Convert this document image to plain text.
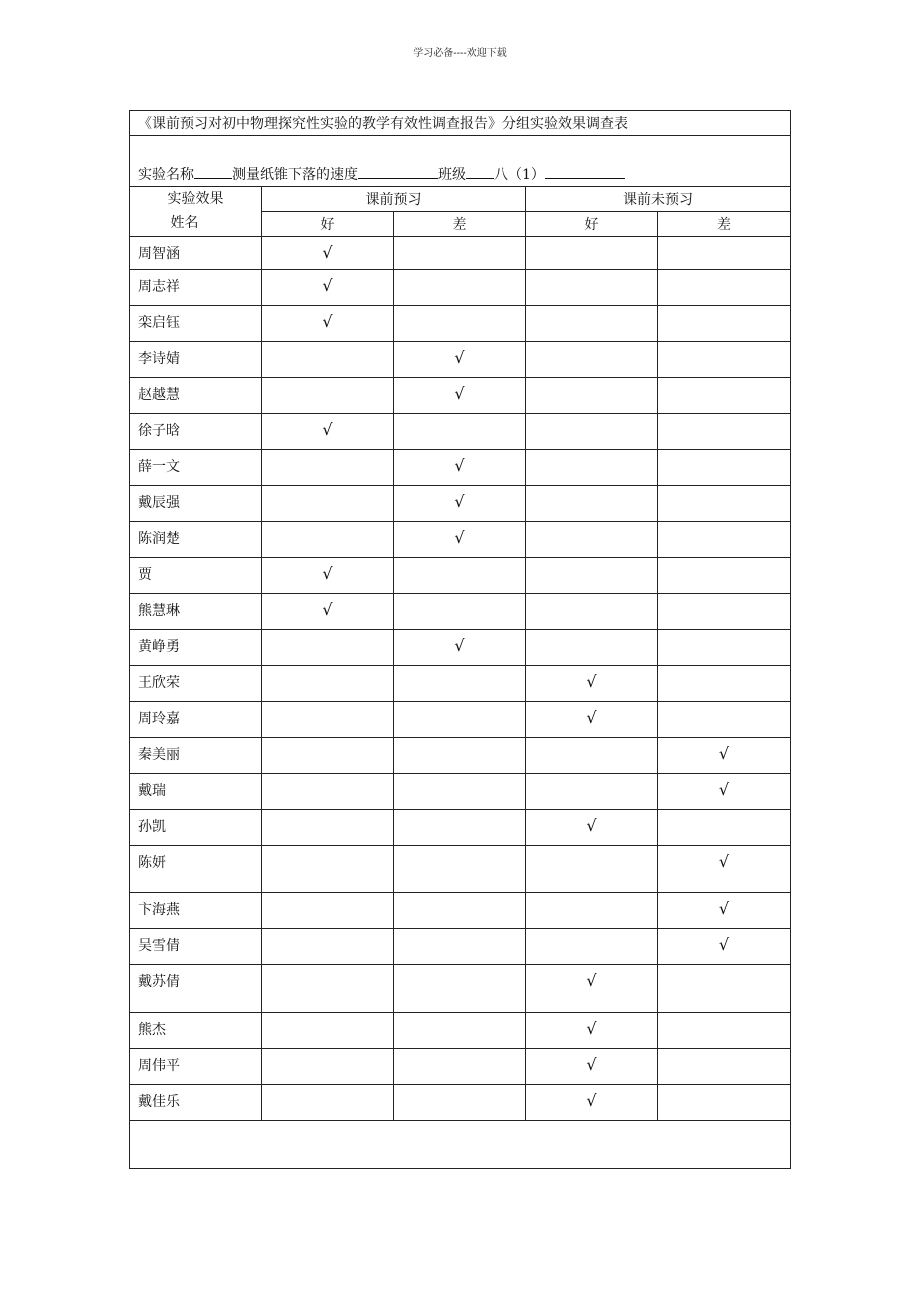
学习必备----欢迎下载
《课前预习对初中物理探究性实验的教学有效性调查报告》分组实验效果调查表				
实验名称 测量纸锥下落的速度 班级 八（1）				

实验效果
姓名	课前预习		课前未预习	
	好	差	好	差
周智涵	√			
周志祥	√			
栾启钰	√			
李诗婧		√		
赵越慧		√		
徐子晗	√			
薛一文		√		
戴辰强		√		
陈润楚		√		
贾	√			
熊慧琳	√			
黄峥勇		√		
王欣荣			√	
周玲嘉			√	
秦美丽				√
戴瑞				√
孙凯			√	
陈妍				√
卞海燕				√
吴雪倩				√
戴苏倩			√	
熊杰			√	
周伟平			√	
戴佳乐			√	
